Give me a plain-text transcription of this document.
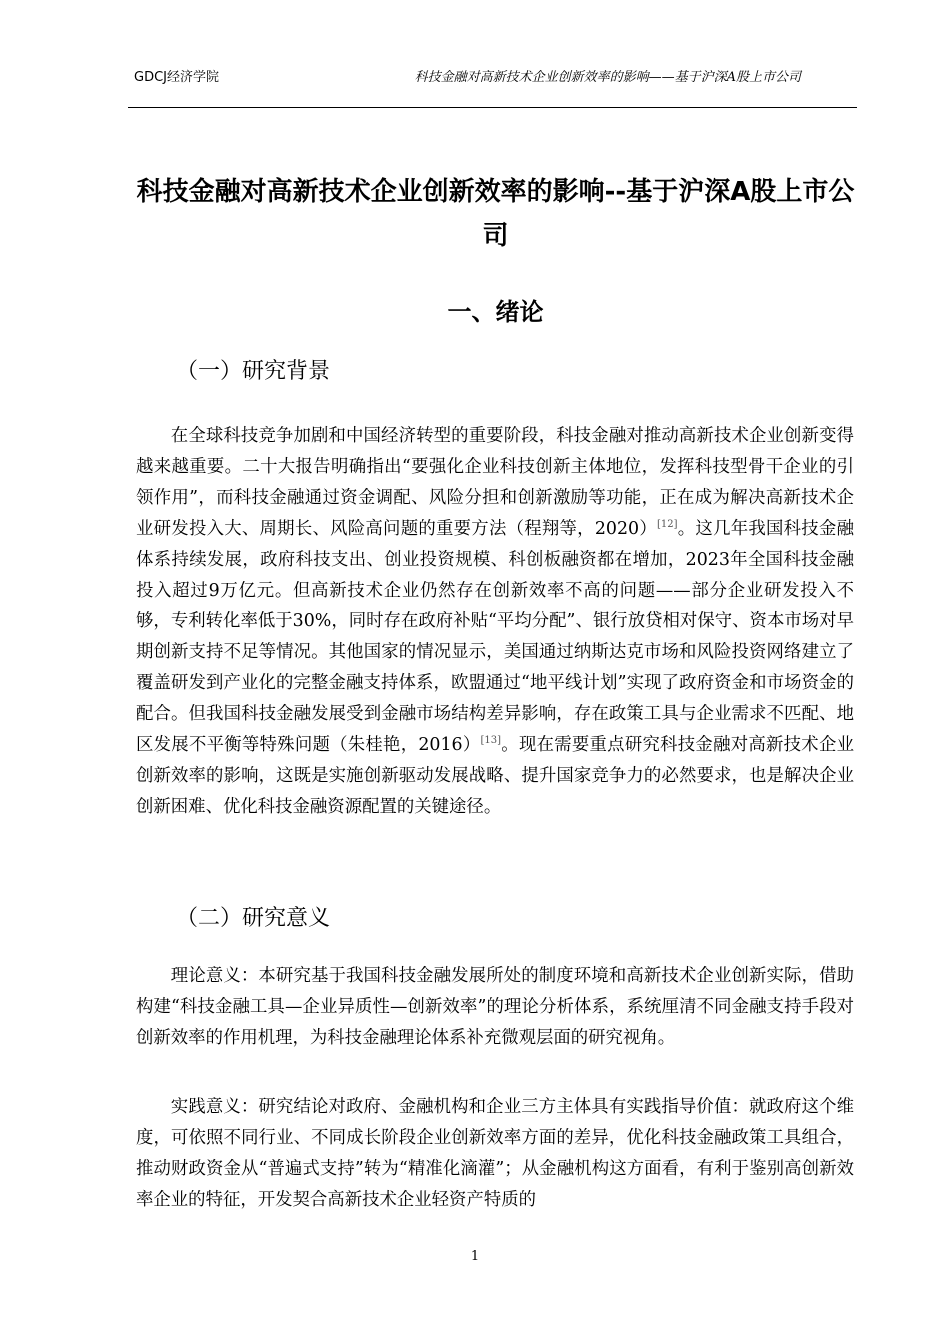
GDCJ经济学院	科技金融对高新技术企业创新效率的影响——基于沪深A股上市公司
科技金融对高新技术企业创新效率的影响--基于沪深A股上市公司
一、绪论
（一）研究背景

在全球科技竞争加剧和中国经济转型的重要阶段，科技金融对推动高新技术企业创新变得越来越重要。二十大报告明确指出“要强化企业科技创新主体地位，发挥科技型骨干企业的引领作用”，而科技金融通过资金调配、风险分担和创新激励等功能，正在成为解决高新技术企业研发投入大、周期长、风险高问题的重要方法（程翔等，2020）[12]。这几年我国科技金融体系持续发展，政府科技支出、创业投资规模、科创板融资都在增加，2023年全国科技金融投入超过9万亿元。但高新技术企业仍然存在创新效率不高的问题——部分企业研发投入不够，专利转化率低于30%，同时存在政府补贴“平均分配”、银行放贷相对保守、资本市场对早期创新支持不足等情况。其他国家的情况显示，美国通过纳斯达克市场和风险投资网络建立了覆盖研发到产业化的完整金融支持体系，欧盟通过“地平线计划”实现了政府资金和市场资金的配合。但我国科技金融发展受到金融市场结构差异影响，存在政策工具与企业需求不匹配、地区发展不平衡等特殊问题（朱桂艳，2016）[13]。现在需要重点研究科技金融对高新技术企业创新效率的影响，这既是实施创新驱动发展战略、提升国家竞争力的必然要求，也是解决企业创新困难、优化科技金融资源配置的关键途径。

（二）研究意义

理论意义：本研究基于我国科技金融发展所处的制度环境和高新技术企业创新实际，借助构建“科技金融工具—企业异质性—创新效率”的理论分析体系，系统厘清不同金融支持手段对创新效率的作用机理，为科技金融理论体系补充微观层面的研究视角。

实践意义：研究结论对政府、金融机构和企业三方主体具有实践指导价值：就政府这个维度，可依照不同行业、不同成长阶段企业创新效率方面的差异，优化科技金融政策工具组合，推动财政资金从“普遍式支持”转为“精准化滴灌”；从金融机构这方面看，有利于鉴别高创新效率企业的特征，开发契合高新技术企业轻资产特质的

1
